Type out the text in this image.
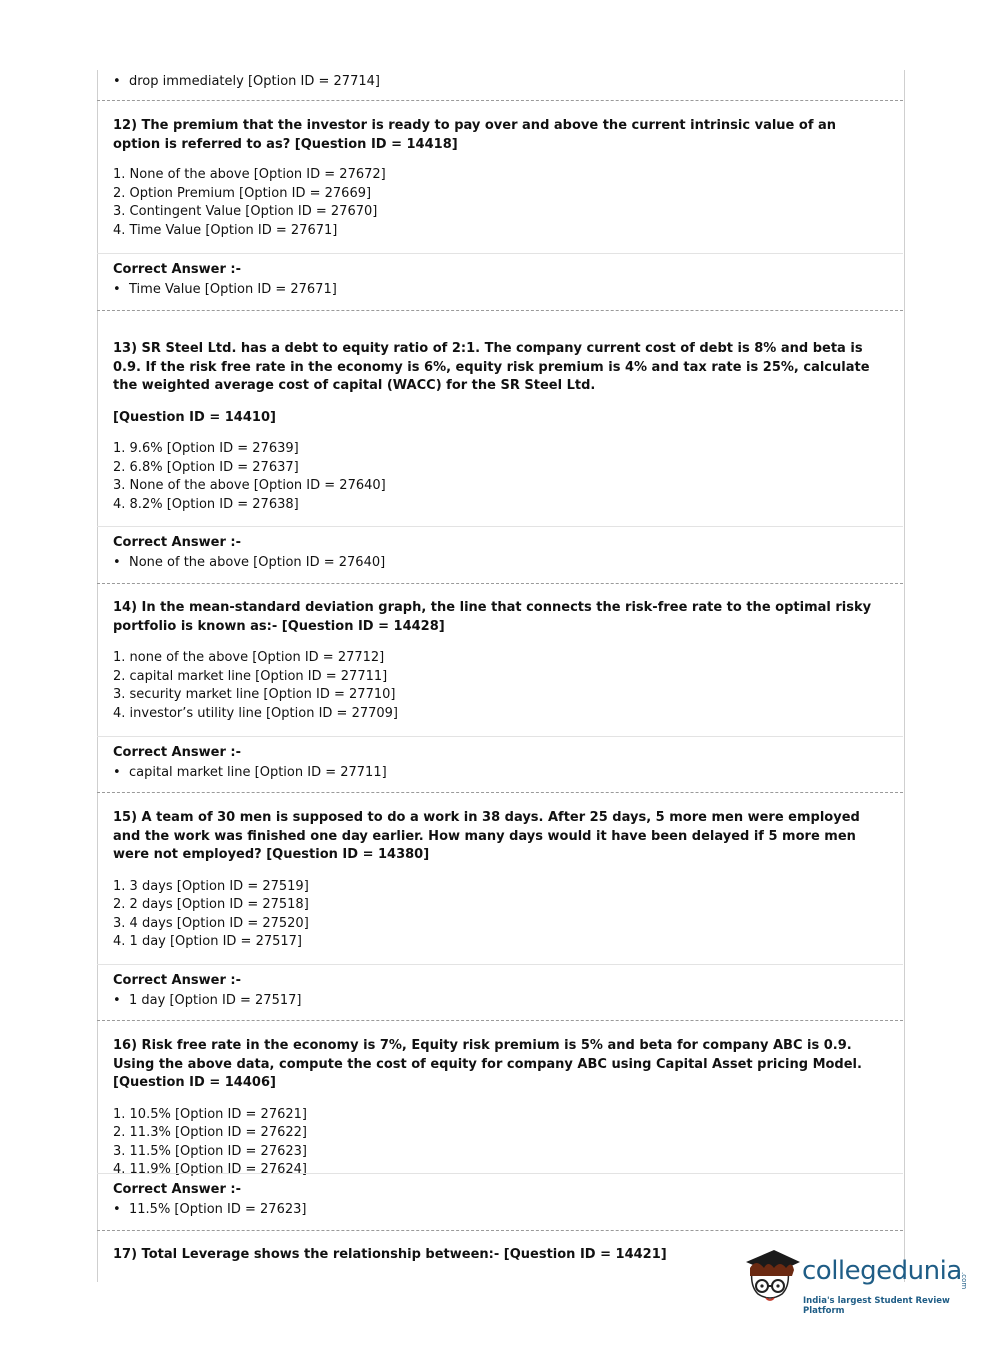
• drop immediately [Option ID = 27714]

12) The premium that the investor is ready to pay over and above the current intrinsic value of an option is referred to as? [Question ID = 14418]

1. None of the above [Option ID = 27672]
2. Option Premium [Option ID = 27669]
3. Contingent Value [Option ID = 27670]
4. Time Value [Option ID = 27671]
Correct Answer :-
• Time Value [Option ID = 27671]

13) SR Steel Ltd. has a debt to equity ratio of 2:1. The company current cost of debt is 8% and beta is 0.9. If the risk free rate in the economy is 6%, equity risk premium is 4% and tax rate is 25%, calculate the weighted average cost of capital (WACC) for the SR Steel Ltd.

[Question ID = 14410]

1. 9.6% [Option ID = 27639]
2. 6.8% [Option ID = 27637]
3. None of the above [Option ID = 27640]
4. 8.2% [Option ID = 27638]
Correct Answer :-
• None of the above [Option ID = 27640]

14) In the mean-standard deviation graph, the line that connects the risk-free rate to the optimal risky portfolio is known as:- [Question ID = 14428]

1. none of the above [Option ID = 27712]
2. capital market line [Option ID = 27711]
3. security market line [Option ID = 27710]
4. investor’s utility line [Option ID = 27709]
Correct Answer :-
• capital market line [Option ID = 27711]

15) A team of 30 men is supposed to do a work in 38 days. After 25 days, 5 more men were employed and the work was finished one day earlier. How many days would it have been delayed if 5 more men were not employed? [Question ID = 14380]

1. 3 days [Option ID = 27519]
2. 2 days [Option ID = 27518]
3. 4 days [Option ID = 27520]
4. 1 day [Option ID = 27517]
Correct Answer :-
• 1 day [Option ID = 27517]

16) Risk free rate in the economy is 7%, Equity risk premium is 5% and beta for company ABC is 0.9. Using the above data, compute the cost of equity for company ABC using Capital Asset pricing Model. [Question ID = 14406]

1. 10.5% [Option ID = 27621]
2. 11.3% [Option ID = 27622]
3. 11.5% [Option ID = 27623]
4. 11.9% [Option ID = 27624]
Correct Answer :-
• 11.5% [Option ID = 27623]

17) Total Leverage shows the relationship between:- [Question ID = 14421]

collegedunia
.com
India's largest Student Review Platform
